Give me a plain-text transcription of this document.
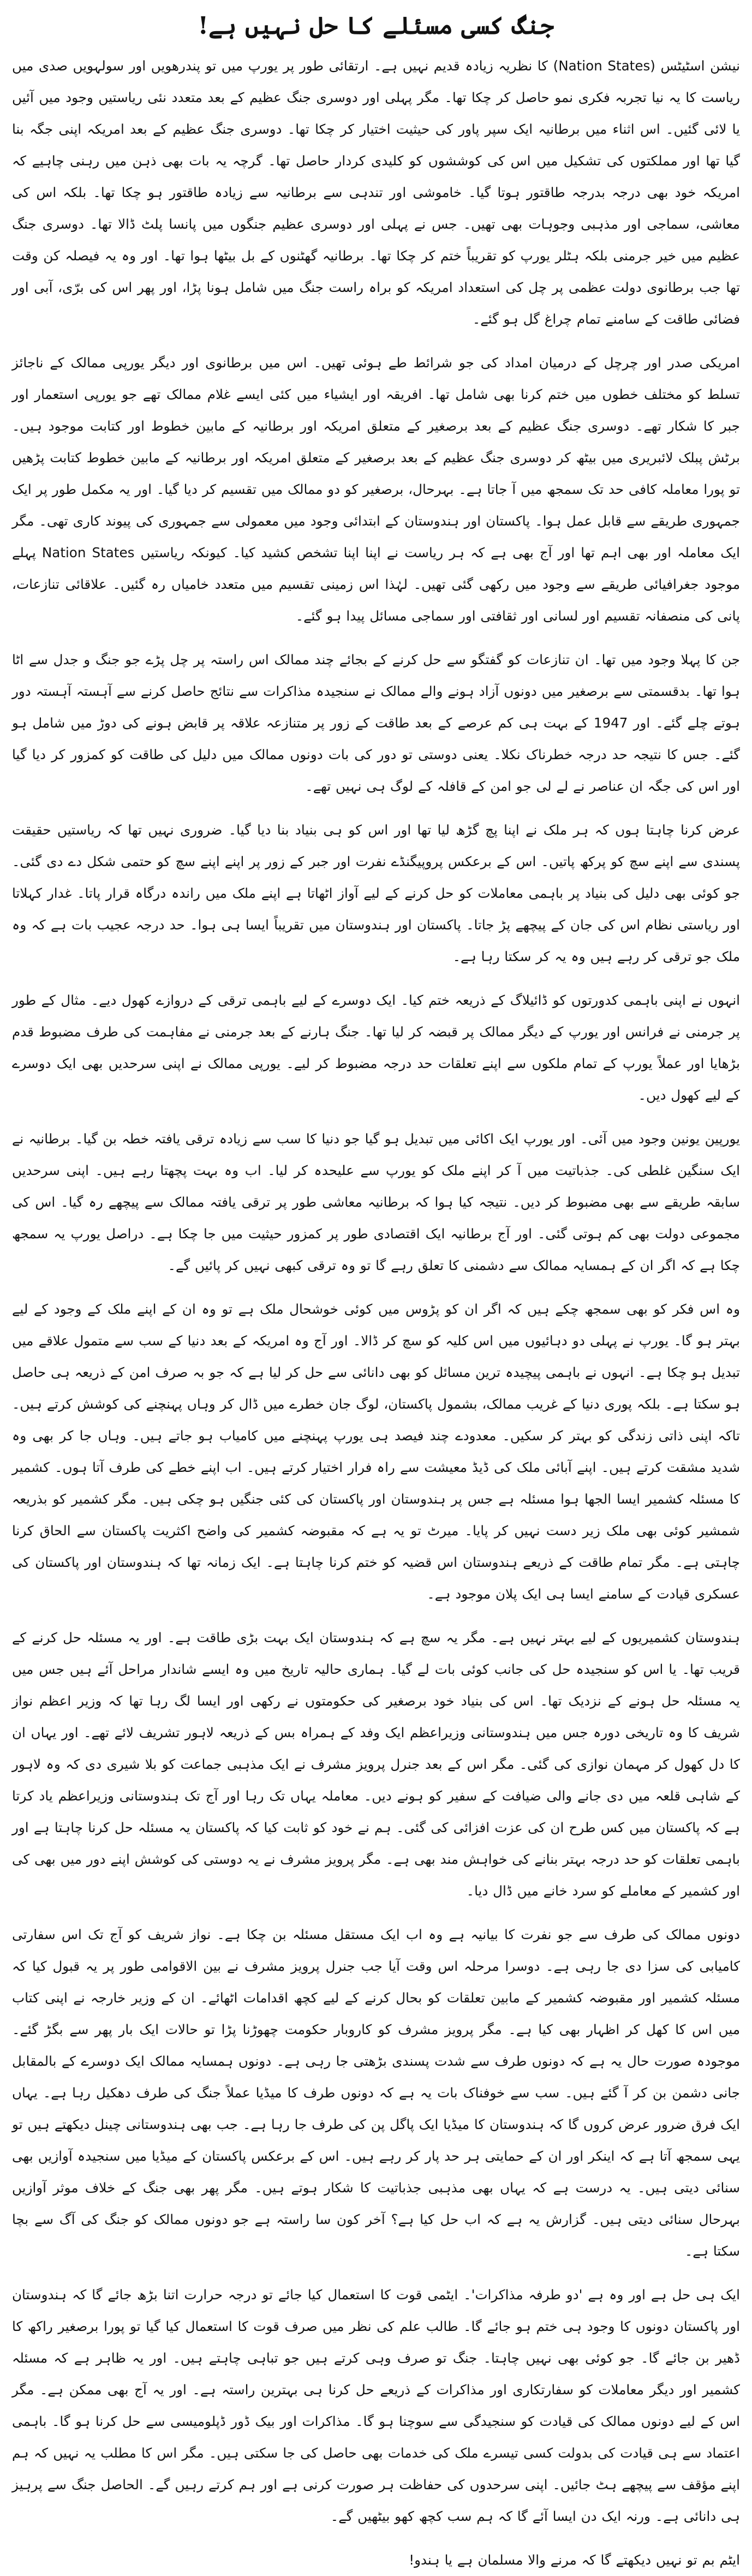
جنگ کسی مسئلے کا حل نہیں ہے!

نیشن اسٹیٹس (Nation States) کا نظریہ زیادہ قدیم نہیں ہے۔ ارتقائی طور پر یورپ میں تو پندرھویں اور سولہویں صدی میں ریاست کا یہ نیا تجربہ فکری نمو حاصل کر چکا تھا۔ مگر پہلی اور دوسری جنگ عظیم کے بعد متعدد نئی ریاستیں وجود میں آئیں یا لائی گئیں۔ اس اثناء میں برطانیہ ایک سپر پاور کی حیثیت اختیار کر چکا تھا۔ دوسری جنگ عظیم کے بعد امریکہ اپنی جگہ بنا گیا تھا اور مملکتوں کی تشکیل میں اس کی کوششوں کو کلیدی کردار حاصل تھا۔ گرچہ یہ بات بھی ذہن میں رہنی چاہیے کہ امریکہ خود بھی درجہ بدرجہ طاقتور ہوتا گیا۔ خاموشی اور تندہی سے برطانیہ سے زیادہ طاقتور ہو چکا تھا۔ بلکہ اس کی معاشی، سماجی اور مذہبی وجوہات بھی تھیں۔ جس نے پہلی اور دوسری عظیم جنگوں میں پانسا پلٹ ڈالا تھا۔ دوسری جنگ عظیم میں خیر جرمنی بلکہ ہٹلر یورپ کو تقریباً ختم کر چکا تھا۔ برطانیہ گھٹنوں کے بل بیٹھا ہوا تھا۔ اور وہ یہ فیصلہ کن وقت تھا جب برطانوی دولت عظمی پر چل کی استعداد امریکہ کو براہ راست جنگ میں شامل ہونا پڑا، اور پھر اس کی برّی، آبی اور فضائی طاقت کے سامنے تمام چراغ گل ہو گئے۔

امریکی صدر اور چرچل کے درمیان امداد کی جو شرائط طے ہوئی تھیں۔ اس میں برطانوی اور دیگر یورپی ممالک کے ناجائز تسلط کو مختلف خطوں میں ختم کرنا بھی شامل تھا۔ افریقہ اور ایشیاء میں کئی ایسے غلام ممالک تھے جو یورپی استعمار اور جبر کا شکار تھے۔ دوسری جنگ عظیم کے بعد برصغیر کے متعلق امریکہ اور برطانیہ کے مابین خطوط اور کتابت موجود ہیں۔ برٹش پبلک لائبریری میں بیٹھ کر دوسری جنگ عظیم کے بعد برصغیر کے متعلق امریکہ اور برطانیہ کے مابین خطوط کتابت پڑھیں تو پورا معاملہ کافی حد تک سمجھ میں آ جاتا ہے۔ بہرحال، برصغیر کو دو ممالک میں تقسیم کر دیا گیا۔ اور یہ مکمل طور پر ایک جمہوری طریقے سے قابل عمل ہوا۔ پاکستان اور ہندوستان کے ابتدائی وجود میں معمولی سے جمہوری کی پیوند کاری تھی۔ مگر ایک معاملہ اور بھی اہم تھا اور آج بھی ہے کہ ہر ریاست نے اپنا اپنا تشخص کشید کیا۔ کیونکہ ریاستیں Nation States پہلے موجود جغرافیائی طریقے سے وجود میں رکھی گئی تھیں۔ لہٰذا اس زمینی تقسیم میں متعدد خامیاں رہ گئیں۔ علاقائی تنازعات، پانی کی منصفانہ تقسیم اور لسانی اور ثقافتی اور سماجی مسائل پیدا ہو گئے۔

جن کا پہلا وجود میں تھا۔ ان تنازعات کو گفتگو سے حل کرنے کے بجائے چند ممالک اس راستہ پر چل پڑے جو جنگ و جدل سے اٹا ہوا تھا۔ بدقسمتی سے برصغیر میں دونوں آزاد ہونے والے ممالک نے سنجیدہ مذاکرات سے نتائج حاصل کرنے سے آہستہ آہستہ دور ہوتے چلے گئے۔ اور 1947 کے بہت ہی کم عرصے کے بعد طاقت کے زور پر متنازعہ علاقہ پر قابض ہونے کی دوڑ میں شامل ہو گئے۔ جس کا نتیجہ حد درجہ خطرناک نکلا۔ یعنی دوستی تو دور کی بات دونوں ممالک میں دلیل کی طاقت کو کمزور کر دیا گیا اور اس کی جگہ ان عناصر نے لے لی جو امن کے قافلہ کے لوگ ہی نہیں تھے۔

عرض کرنا چاہتا ہوں کہ ہر ملک نے اپنا پچ گڑھ لیا تھا اور اس کو ہی بنیاد بنا دیا گیا۔ ضروری نہیں تھا کہ ریاستیں حقیقت پسندی سے اپنے سچ کو پرکھ پاتیں۔ اس کے برعکس پروپیگنڈے نفرت اور جبر کے زور پر اپنے اپنے سچ کو حتمی شکل دے دی گئی۔ جو کوئی بھی دلیل کی بنیاد پر باہمی معاملات کو حل کرنے کے لیے آواز اٹھاتا ہے اپنے ملک میں راندہ درگاہ قرار پاتا۔ غدار کہلاتا اور ریاستی نظام اس کی جان کے پیچھے پڑ جاتا۔ پاکستان اور ہندوستان میں تقریباً ایسا ہی ہوا۔ حد درجہ عجیب بات ہے کہ وہ ملک جو ترقی کر رہے ہیں وہ یہ کر سکتا رہا ہے۔

انہوں نے اپنی باہمی کدورتوں کو ڈائیلاگ کے ذریعہ ختم کیا۔ ایک دوسرے کے لیے باہمی ترقی کے دروازے کھول دیے۔ مثال کے طور پر جرمنی نے فرانس اور یورپ کے دیگر ممالک پر قبضہ کر لیا تھا۔ جنگ ہارنے کے بعد جرمنی نے مفاہمت کی طرف مضبوط قدم بڑھایا اور عملاً یورپ کے تمام ملکوں سے اپنے تعلقات حد درجہ مضبوط کر لیے۔ یورپی ممالک نے اپنی سرحدیں بھی ایک دوسرے کے لیے کھول دیں۔

یورپین یونین وجود میں آئی۔ اور یورپ ایک اکائی میں تبدیل ہو گیا جو دنیا کا سب سے زیادہ ترقی یافتہ خطہ بن گیا۔ برطانیہ نے ایک سنگین غلطی کی۔ جذباتیت میں آ کر اپنے ملک کو یورپ سے علیحدہ کر لیا۔ اب وہ بہت پچھتا رہے ہیں۔ اپنی سرحدیں سابقہ طریقے سے بھی مضبوط کر دیں۔ نتیجہ کیا ہوا کہ برطانیہ معاشی طور پر ترقی یافتہ ممالک سے پیچھے رہ گیا۔ اس کی مجموعی دولت بھی کم ہوتی گئی۔ اور آج برطانیہ ایک اقتصادی طور پر کمزور حیثیت میں جا چکا ہے۔ دراصل یورپ یہ سمجھ چکا ہے کہ اگر ان کے ہمسایہ ممالک سے دشمنی کا تعلق رہے گا تو وہ ترقی کبھی نہیں کر پائیں گے۔

وہ اس فکر کو بھی سمجھ چکے ہیں کہ اگر ان کو پڑوس میں کوئی خوشحال ملک ہے تو وہ ان کے اپنے ملک کے وجود کے لیے بہتر ہو گا۔ یورپ نے پہلی دو دہائیوں میں اس کلیہ کو سچ کر ڈالا۔ اور آج وہ امریکہ کے بعد دنیا کے سب سے متمول علاقے میں تبدیل ہو چکا ہے۔ انہوں نے باہمی پیچیدہ ترین مسائل کو بھی دانائی سے حل کر لیا ہے کہ جو بہ صرف امن کے ذریعہ ہی حاصل ہو سکتا ہے۔ بلکہ پوری دنیا کے غریب ممالک، بشمول پاکستان، لوگ جان خطرے میں ڈال کر وہاں پہنچنے کی کوشش کرتے ہیں۔ تاکہ اپنی ذاتی زندگی کو بہتر کر سکیں۔ معدودے چند فیصد ہی یورپ پہنچنے میں کامیاب ہو جاتے ہیں۔ وہاں جا کر بھی وہ شدید مشقت کرتے ہیں۔ اپنے آبائی ملک کی ڈیڈ معیشت سے راہ فرار اختیار کرتے ہیں۔ اب اپنے خطے کی طرف آتا ہوں۔ کشمیر کا مسئلہ کشمیر ایسا الجھا ہوا مسئلہ ہے جس پر ہندوستان اور پاکستان کی کئی جنگیں ہو چکی ہیں۔ مگر کشمیر کو بذریعہ شمشیر کوئی بھی ملک زیر دست نہیں کر پایا۔ میرٹ تو یہ ہے کہ مقبوضہ کشمیر کی واضح اکثریت پاکستان سے الحاق کرنا چاہتی ہے۔ مگر تمام طاقت کے ذریعے ہندوستان اس قضیہ کو ختم کرنا چاہتا ہے۔ ایک زمانہ تھا کہ ہندوستان اور پاکستان کی عسکری قیادت کے سامنے ایسا ہی ایک پلان موجود ہے۔

ہندوستان کشمیریوں کے لیے بہتر نہیں ہے۔ مگر یہ سچ ہے کہ ہندوستان ایک بہت بڑی طاقت ہے۔ اور یہ مسئلہ حل کرنے کے قریب تھا۔ یا اس کو سنجیدہ حل کی جانب کوئی بات لے گیا۔ ہماری حالیہ تاریخ میں وہ ایسے شاندار مراحل آئے ہیں جس میں یہ مسئلہ حل ہونے کے نزدیک تھا۔ اس کی بنیاد خود برصغیر کی حکومتوں نے رکھی اور ایسا لگ رہا تھا کہ وزیر اعظم نواز شریف کا وہ تاریخی دورہ جس میں ہندوستانی وزیراعظم ایک وفد کے ہمراہ بس کے ذریعہ لاہور تشریف لائے تھے۔ اور یہاں ان کا دل کھول کر مہمان نوازی کی گئی۔ مگر اس کے بعد جنرل پرویز مشرف نے ایک مذہبی جماعت کو بلا شیری دی کہ وہ لاہور کے شاہی قلعہ میں دی جانے والی ضیافت کے سفیر کو ہونے دیں۔ معاملہ یہاں تک رہا اور آج تک ہندوستانی وزیراعظم یاد کرتا ہے کہ پاکستان میں کس طرح ان کی عزت افزائی کی گئی۔ ہم نے خود کو ثابت کیا کہ پاکستان یہ مسئلہ حل کرنا چاہتا ہے اور باہمی تعلقات کو حد درجہ بہتر بنانے کی خواہش مند بھی ہے۔ مگر پرویز مشرف نے یہ دوستی کی کوشش اپنے دور میں بھی کی اور کشمیر کے معاملے کو سرد خانے میں ڈال دیا۔

دونوں ممالک کی طرف سے جو نفرت کا بیانیہ ہے وہ اب ایک مستقل مسئلہ بن چکا ہے۔ نواز شریف کو آج تک اس سفارتی کامیابی کی سزا دی جا رہی ہے۔ دوسرا مرحلہ اس وقت آیا جب جنرل پرویز مشرف نے بین الاقوامی طور پر یہ قبول کیا کہ مسئلہ کشمیر اور مقبوضہ کشمیر کے مابین تعلقات کو بحال کرنے کے لیے کچھ اقدامات اٹھائے۔ ان کے وزیر خارجہ نے اپنی کتاب میں اس کا کھل کر اظہار بھی کیا ہے۔ مگر پرویز مشرف کو کاروبار حکومت چھوڑنا پڑا تو حالات ایک بار پھر سے بگڑ گئے۔ موجودہ صورت حال یہ ہے کہ دونوں طرف سے شدت پسندی بڑھتی جا رہی ہے۔ دونوں ہمسایہ ممالک ایک دوسرے کے بالمقابل جانی دشمن بن کر آ گئے ہیں۔ سب سے خوفناک بات یہ ہے کہ دونوں طرف کا میڈیا عملاً جنگ کی طرف دھکیل رہا ہے۔ یہاں ایک فرق ضرور عرض کروں گا کہ ہندوستان کا میڈیا ایک پاگل پن کی طرف جا رہا ہے۔ جب بھی ہندوستانی چینل دیکھتے ہیں تو یہی سمجھ آتا ہے کہ اینکر اور ان کے حمایتی ہر حد پار کر رہے ہیں۔ اس کے برعکس پاکستان کے میڈیا میں سنجیدہ آوازیں بھی سنائی دیتی ہیں۔ یہ درست ہے کہ یہاں بھی مذہبی جذباتیت کا شکار ہوتے ہیں۔ مگر پھر بھی جنگ کے خلاف موثر آوازیں بہرحال سنائی دیتی ہیں۔ گزارش یہ ہے کہ اب حل کیا ہے؟ آخر کون سا راستہ ہے جو دونوں ممالک کو جنگ کی آگ سے بچا سکتا ہے۔

ایک ہی حل ہے اور وہ ہے 'دو طرفہ مذاکرات'۔ ایٹمی قوت کا استعمال کیا جائے تو درجہ حرارت اتنا بڑھ جائے گا کہ ہندوستان اور پاکستان دونوں کا وجود ہی ختم ہو جائے گا۔ طالب علم کی نظر میں صرف قوت کا استعمال کیا گیا تو پورا برصغیر راکھ کا ڈھیر بن جائے گا۔ جو کوئی بھی نہیں چاہتا۔ جنگ تو صرف وہی کرتے ہیں جو تباہی چاہتے ہیں۔ اور یہ ظاہر ہے کہ مسئلہ کشمیر اور دیگر معاملات کو سفارتکاری اور مذاکرات کے ذریعے حل کرنا ہی بہترین راستہ ہے۔ اور یہ آج بھی ممکن ہے۔ مگر اس کے لیے دونوں ممالک کی قیادت کو سنجیدگی سے سوچنا ہو گا۔ مذاکرات اور بیک ڈور ڈپلومیسی سے حل کرنا ہو گا۔ باہمی اعتماد سے ہی قیادت کی بدولت کسی تیسرے ملک کی خدمات بھی حاصل کی جا سکتی ہیں۔ مگر اس کا مطلب یہ نہیں کہ ہم اپنے مؤقف سے پیچھے ہٹ جائیں۔ اپنی سرحدوں کی حفاظت ہر صورت کرنی ہے اور ہم کرتے رہیں گے۔ الحاصل جنگ سے پرہیز ہی دانائی ہے۔ ورنہ ایک دن ایسا آئے گا کہ ہم سب کچھ کھو بیٹھیں گے۔

ایٹم بم تو نہیں دیکھتے گا کہ مرنے والا مسلمان ہے یا ہندو!
